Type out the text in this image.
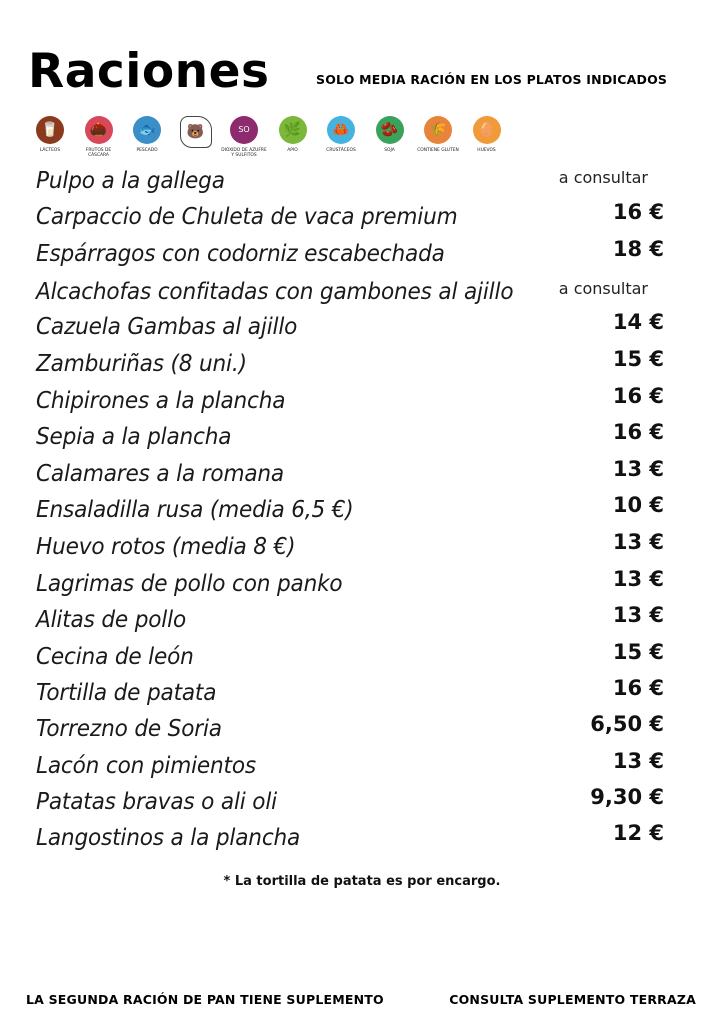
Raciones	SOLO MEDIA RACIÓN EN LOS PLATOS INDICADOS
🥛
LÁCTEOS
🌰
FRUTOS DE CÁSCARA
🐟
PESCADO
🐻	SO
DIÓXIDO DE AZUFRE Y SULFITOS
🌿
APIO
🦀
CRUSTÁCEOS
🫘
SOJA
🌾
CONTIENE GLUTEN
🥚
HUEVOS
Pulpo a la gallega	a consultar
Carpaccio de Chuleta de vaca premium	16 €
Espárragos con codorniz escabechada	18 €
Alcachofas confitadas con gambones al ajillo	a consultar
Cazuela Gambas al ajillo	14 €
Zamburiñas (8 uni.)	15 €
Chipirones a la plancha	16 €
Sepia a la plancha	16 €
Calamares a la romana	13 €
Ensaladilla rusa (media 6,5 €)	10 €
Huevo rotos (media 8 €)	13 €
Lagrimas de pollo con panko	13 €
Alitas de pollo	13 €
Cecina de león	15 €
Tortilla de patata	16 €
Torrezno de Soria	6,50 €
Lacón con pimientos	13 €
Patatas bravas o ali oli	9,30 €
Langostinos a la plancha	12 €
* La tortilla de patata es por encargo.
LA SEGUNDA RACIÓN DE PAN TIENE SUPLEMENTO	CONSULTA SUPLEMENTO TERRAZA
